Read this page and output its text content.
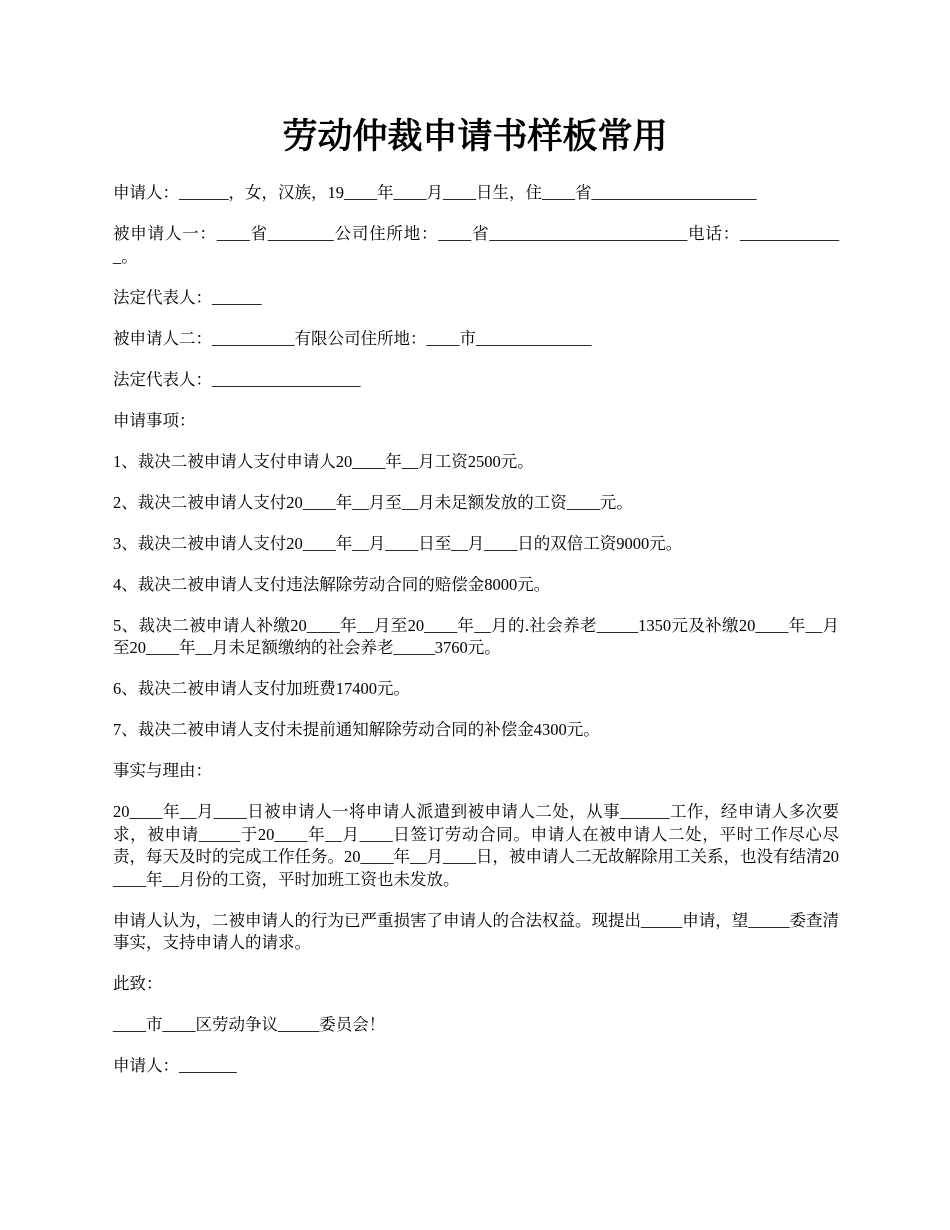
劳动仲裁申请书样板常用

申请人：______，女，汉族，19____年____月____日生，住____省____________________

被申请人一：____省________公司住所地：____省________________________电话：_____________。

法定代表人：______

被申请人二：__________有限公司住所地：____市______________

法定代表人：__________________

申请事项：

1、裁决二被申请人支付申请人20____年__月工资2500元。

2、裁决二被申请人支付20____年__月至__月未足额发放的工资____元。

3、裁决二被申请人支付20____年__月____日至__月____日的双倍工资9000元。

4、裁决二被申请人支付违法解除劳动合同的赔偿金8000元。

5、裁决二被申请人补缴20____年__月至20____年__月的.社会养老_____1350元及补缴20____年__月至20____年__月未足额缴纳的社会养老_____3760元。

6、裁决二被申请人支付加班费17400元。

7、裁决二被申请人支付未提前通知解除劳动合同的补偿金4300元。

事实与理由：

20____年__月____日被申请人一将申请人派遣到被申请人二处，从事______工作，经申请人多次要求，被申请_____于20____年__月____日签订劳动合同。申请人在被申请人二处，平时工作尽心尽责，每天及时的完成工作任务。20____年__月____日，被申请人二无故解除用工关系，也没有结清20____年__月份的工资，平时加班工资也未发放。

申请人认为，二被申请人的行为已严重损害了申请人的合法权益。现提出_____申请，望_____委查清事实，支持申请人的请求。

此致：

____市____区劳动争议_____委员会！

申请人：_______
